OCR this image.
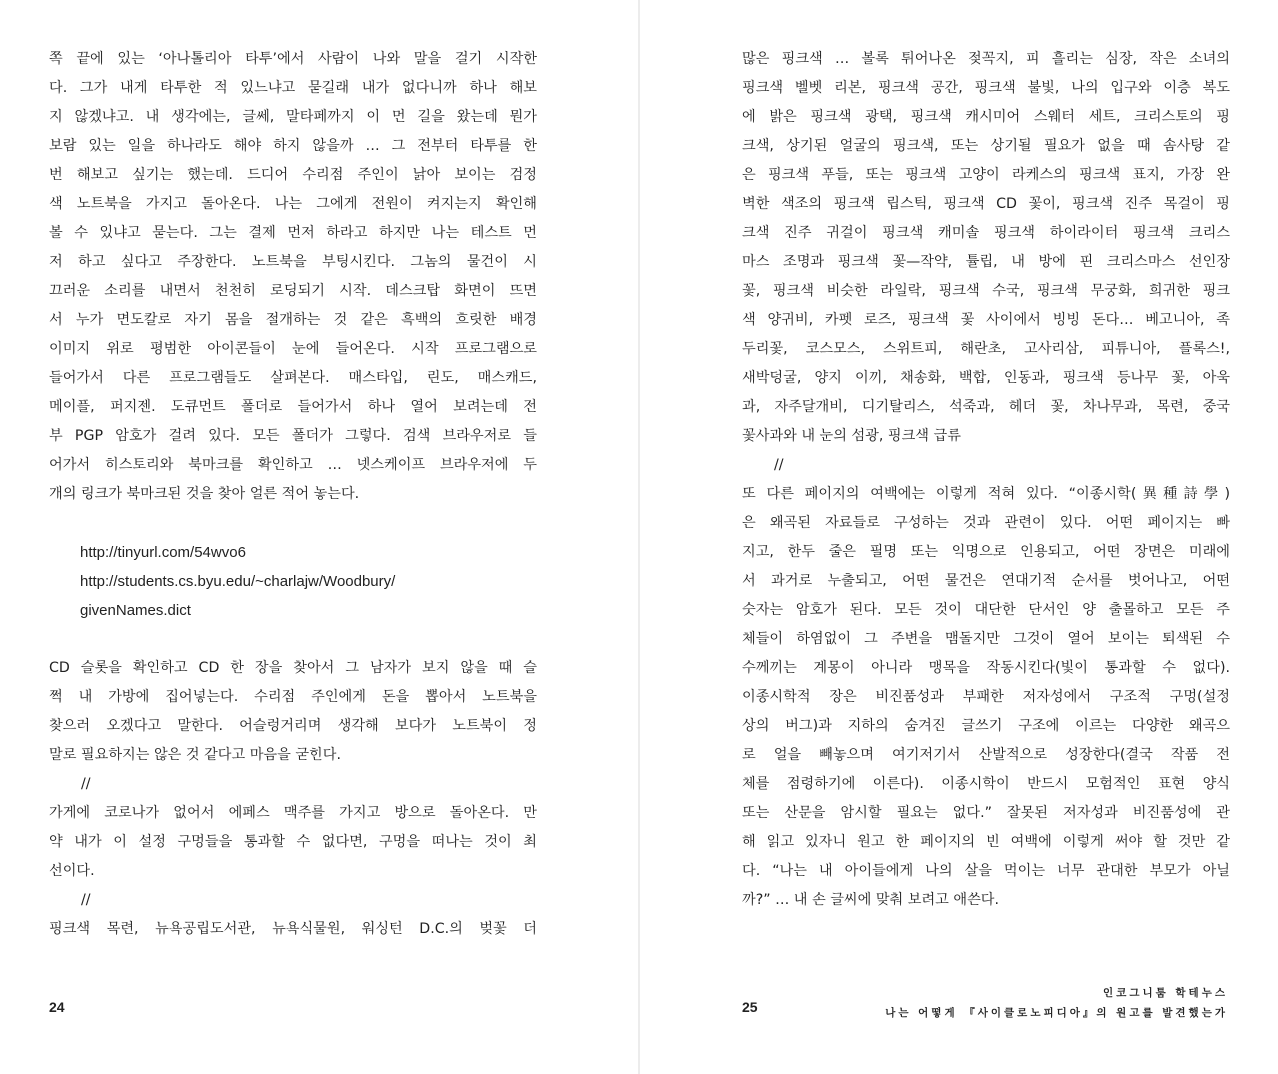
쪽 끝에 있는 ‘아나톨리아 타투’에서 사람이 나와 말을 걸기 시작한
다. 그가 내게 타투한 적 있느냐고 묻길래 내가 없다니까 하나 해보
지 않겠냐고. 내 생각에는, 글쎄, 말타페까지 이 먼 길을 왔는데 뭔가
보람 있는 일을 하나라도 해야 하지 않을까 … 그 전부터 타투를 한
번 해보고 싶기는 했는데. 드디어 수리점 주인이 낡아 보이는 검정
색 노트북을 가지고 돌아온다. 나는 그에게 전원이 켜지는지 확인해
볼 수 있냐고 묻는다. 그는 결제 먼저 하라고 하지만 나는 테스트 먼
저 하고 싶다고 주장한다. 노트북을 부팅시킨다. 그놈의 물건이 시
끄러운 소리를 내면서 천천히 로딩되기 시작. 데스크탑 화면이 뜨면
서 누가 면도칼로 자기 몸을 절개하는 것 같은 흑백의 흐릿한 배경
이미지 위로 평범한 아이콘들이 눈에 들어온다. 시작 프로그램으로
들어가서 다른 프로그램들도 살펴본다. 매스타입, 린도, 매스캐드,
메이플, 퍼지젠. 도큐먼트 폴더로 들어가서 하나 열어 보려는데 전
부 PGP 암호가 걸려 있다. 모든 폴더가 그렇다. 검색 브라우저로 들
어가서 히스토리와 북마크를 확인하고 … 넷스케이프 브라우저에 두
개의 링크가 북마크된 것을 찾아 얼른 적어 놓는다.
http://tinyurl.com/54wvo6
http://students.cs.byu.edu/~charlajw/Woodbury/
givenNames.dict
CD 슬롯을 확인하고 CD 한 장을 찾아서 그 남자가 보지 않을 때 슬
쩍 내 가방에 집어넣는다. 수리점 주인에게 돈을 뽑아서 노트북을
찾으러 오겠다고 말한다. 어슬렁거리며 생각해 보다가 노트북이 정
말로 필요하지는 않은 것 같다고 마음을 굳힌다.
//
가게에 코로나가 없어서 에페스 맥주를 가지고 방으로 돌아온다. 만
약 내가 이 설정 구멍들을 통과할 수 없다면, 구멍을 떠나는 것이 최
선이다.
//
핑크색 목련, 뉴욕공립도서관, 뉴욕식물원, 워싱턴 D.C.의 벚꽃 더
24
많은 핑크색 … 볼록 튀어나온 젖꼭지, 피 흘리는 심장, 작은 소녀의
핑크색 벨벳 리본, 핑크색 공간, 핑크색 불빛, 나의 입구와 이층 복도
에 밝은 핑크색 광택, 핑크색 캐시미어 스웨터 세트, 크리스토의 핑
크색, 상기된 얼굴의 핑크색, 또는 상기될 필요가 없을 때 솜사탕 같
은 핑크색 푸들, 또는 핑크색 고양이 라케스의 핑크색 표지, 가장 완
벽한 색조의 핑크색 립스틱, 핑크색 CD 꽃이, 핑크색 진주 목걸이 핑
크색 진주 귀걸이 핑크색 캐미솔 핑크색 하이라이터 핑크색 크리스
마스 조명과 핑크색 꽃—작약, 튤립, 내 방에 핀 크리스마스 선인장
꽃, 핑크색 비슷한 라일락, 핑크색 수국, 핑크색 무궁화, 희귀한 핑크
색 양귀비, 카펫 로즈, 핑크색 꽃 사이에서 빙빙 돈다… 베고니아, 족
두리꽃, 코스모스, 스위트피, 해란초, 고사리삼, 피튜니아, 플록스!,
새박덩굴, 양지 이끼, 채송화, 백합, 인동과, 핑크색 등나무 꽃, 아욱
과, 자주달개비, 디기탈리스, 석죽과, 헤더 꽃, 차나무과, 목련, 중국
꽃사과와 내 눈의 섬광, 핑크색 급류
//
또 다른 페이지의 여백에는 이렇게 적혀 있다. “이종시학(異種詩學)
은 왜곡된 자료들로 구성하는 것과 관련이 있다. 어떤 페이지는 빠
지고, 한두 줄은 필명 또는 익명으로 인용되고, 어떤 장면은 미래에
서 과거로 누출되고, 어떤 물건은 연대기적 순서를 벗어나고, 어떤
숫자는 암호가 된다. 모든 것이 대단한 단서인 양 출몰하고 모든 주
체들이 하염없이 그 주변을 맴돌지만 그것이 열어 보이는 퇴색된 수
수께끼는 계몽이 아니라 맹목을 작동시킨다(빛이 통과할 수 없다).
이종시학적 장은 비진품성과 부패한 저자성에서 구조적 구멍(설정
상의 버그)과 지하의 숨겨진 글쓰기 구조에 이르는 다양한 왜곡으
로 얼을 빼놓으며 여기저기서 산발적으로 성장한다(결국 작품 전
체를 점령하기에 이른다). 이종시학이 반드시 모험적인 표현 양식
또는 산문을 암시할 필요는 없다.” 잘못된 저자성과 비진품성에 관
해 읽고 있자니 원고 한 페이지의 빈 여백에 이렇게 써야 할 것만 같
다. “나는 내 아이들에게 나의 살을 먹이는 너무 관대한 부모가 아닐
까?” … 내 손 글씨에 맞춰 보려고 애쓴다.
25
인코그니툼 학테누스
나는 어떻게 『사이클로노피디아』의 원고를 발견했는가
